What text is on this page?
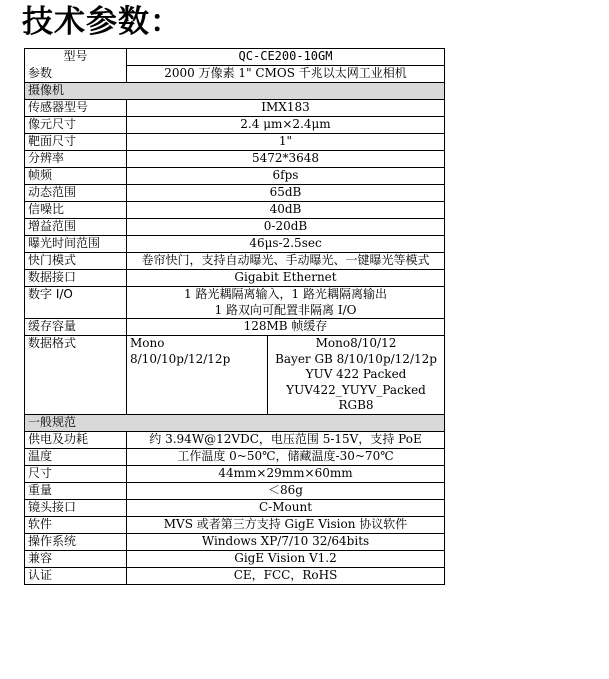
技术参数：
型号	QC-CE200-10GM	
参数	2000 万像素 1" CMOS 千兆以太网工业相机	
摄像机		
传感器型号	IMX183	
像元尺寸	2.4 μm×2.4μm	
靶面尺寸	1"	
分辨率	5472*3648	
帧频	6fps	
动态范围	65dB	
信噪比	40dB	
增益范围	0-20dB	
曝光时间范围	46μs-2.5sec	
快门模式	卷帘快门，支持自动曝光、手动曝光、一键曝光等模式	
数据接口	Gigabit Ethernet	
数字 I/O	1 路光耦隔离输入，1 路光耦隔离输出
1 路双向可配置非隔离 I/O	

缓存容量	128MB 帧缓存	
数据格式	Mono 8/10/10p/12/12p	Mono8/10/12
Bayer GB 8/10/10p/12/12p
YUV 422 Packed
YUV422_YUYV_Packed
RGB8

一般规范		
供电及功耗	约 3.94W@12VDC，电压范围 5-15V，支持 PoE	
温度	工作温度 0~50℃，储藏温度-30~70℃	
尺寸	44mm×29mm×60mm	
重量	＜86g	
镜头接口	C-Mount	
软件	MVS 或者第三方支持 GigE Vision 协议软件	
操作系统	Windows XP/7/10 32/64bits	
兼容	GigE Vision V1.2	
认证	CE，FCC，RoHS	
